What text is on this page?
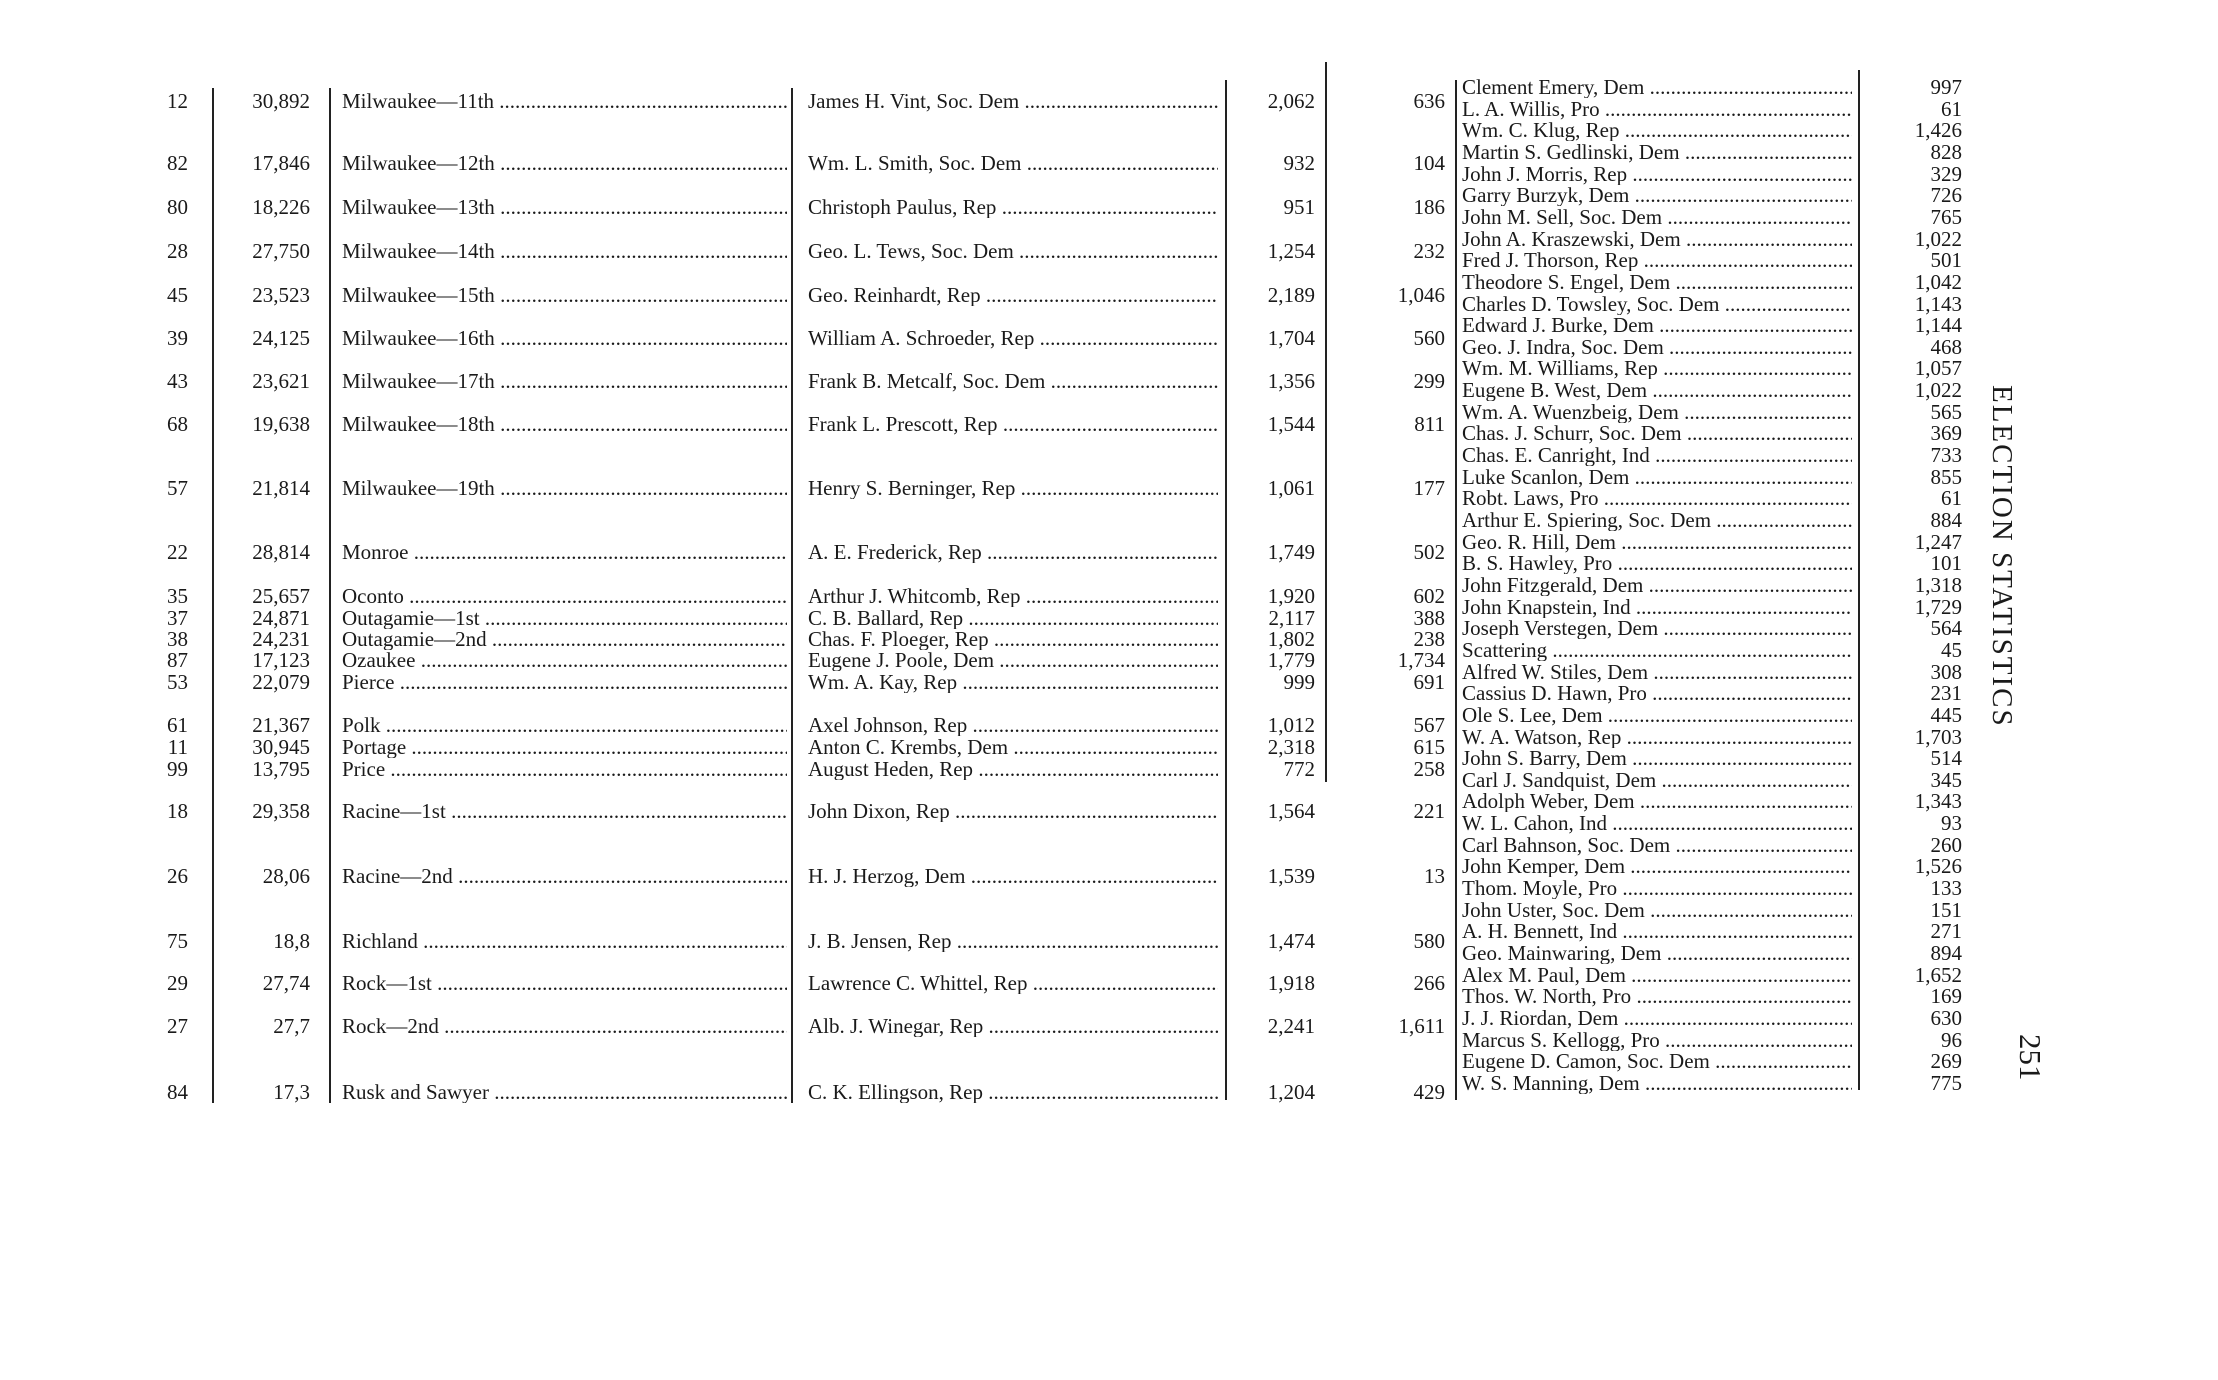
ELECTION STATISTICS
251
12	30,892 Milwaukee—11th .....	James H. Vint, Soc. Dem .....	2,062	636
82	17,846 Milwaukee—12th .....	Wm. L. Smith, Soc. Dem .....	932	104
80	18,226 Milwaukee—13th .....	Christoph Paulus, Rep .....	951	186
28	27,750 Milwaukee—14th .....	Geo. L. Tews, Soc. Dem .....	1,254	232
45	23,523 Milwaukee—15th .....	Geo. Reinhardt, Rep .....	2,189	1,046
39	24,125 Milwaukee—16th .....	William A. Schroeder, Rep .....	1,704	560
43	23,621 Milwaukee—17th .....	Frank B. Metcalf, Soc. Dem .....	1,356	299
68	19,638 Milwaukee—18th .....	Frank L. Prescott, Rep .....	1,544	811
57	21,814 Milwaukee—19th .....	Henry S. Berninger, Rep .....	1,061	177
22	28,814 Monroe .....	A. E. Frederick, Rep .....	1,749	502
35	25,657 Oconto .....	Arthur J. Whitcomb, Rep .....	1,920	602
37	24,871 Outagamie—1st .....	C. B. Ballard, Rep .....	2,117	388
38	24,231 Outagamie—2nd .....	Chas. F. Ploeger, Rep .....	1,802	238
87	17,123 Ozaukee .....	Eugene J. Poole, Dem .....	1,779	1,734
53	22,079 Pierce .....	Wm. A. Kay, Rep .....	999	691
61	21,367 Polk .....	Axel Johnson, Rep .....	1,012	567
11	30,945 Portage .....	Anton C. Krembs, Dem .....	2,318	615
99	13,795 Price .....	August Heden, Rep .....	772	258
18	29,358 Racine—1st .....	John Dixon, Rep .....	1,564	221
26	28,06 Racine—2nd .....	H. J. Herzog, Dem .....	1,539	13
75	18,8 Richland .....	J. B. Jensen, Rep .....	1,474	580
29	27,74 Rock—1st .....	Lawrence C. Whittel, Rep .....	1,918	266
27	27,7 Rock—2nd .....	Alb. J. Winegar, Rep .....	2,241	1,611
84	17,3 Rusk and Sawyer .....	C. K. Ellingson, Rep .....	1,204	429
Clement Emery, Dem .....	997
L. A. Willis, Pro .....	61
Wm. C. Klug, Rep .....	1,426
Martin S. Gedlinski, Dem .....	828
John J. Morris, Rep .....	329
Garry Burzyk, Dem .....	726
John M. Sell, Soc. Dem .....	765
John A. Kraszewski, Dem .....	1,022
Fred J. Thorson, Rep .....	501
Theodore S. Engel, Dem .....	1,042
Charles D. Towsley, Soc. Dem .....	1,143
Edward J. Burke, Dem .....	1,144
Geo. J. Indra, Soc. Dem .....	468
Wm. M. Williams, Rep .....	1,057
Eugene B. West, Dem .....	1,022
Wm. A. Wuenzbeig, Dem .....	565
Chas. J. Schurr, Soc. Dem .....	369
Chas. E. Canright, Ind .....	733
Luke Scanlon, Dem .....	855
Robt. Laws, Pro .....	61
Arthur E. Spiering, Soc. Dem .....	884
Geo. R. Hill, Dem .....	1,247
B. S. Hawley, Pro .....	101
John Fitzgerald, Dem .....	1,318
John Knapstein, Ind .....	1,729
Joseph Verstegen, Dem .....	564
Scattering .....	45
Alfred W. Stiles, Dem .....	308
Cassius D. Hawn, Pro .....	231
Ole S. Lee, Dem .....	445
W. A. Watson, Rep .....	1,703
John S. Barry, Dem .....	514
Carl J. Sandquist, Dem .....	345
Adolph Weber, Dem .....	1,343
W. L. Cahon, Ind .....	93
Carl Bahnson, Soc. Dem .....	260
John Kemper, Dem .....	1,526
Thom. Moyle, Pro .....	133
John Uster, Soc. Dem .....	151
A. H. Bennett, Ind .....	271
Geo. Mainwaring, Dem .....	894
Alex M. Paul, Dem .....	1,652
Thos. W. North, Pro .....	169
J. J. Riordan, Dem .....	630
Marcus S. Kellogg, Pro .....	96
Eugene D. Camon, Soc. Dem .....	269
W. S. Manning, Dem .....	775
